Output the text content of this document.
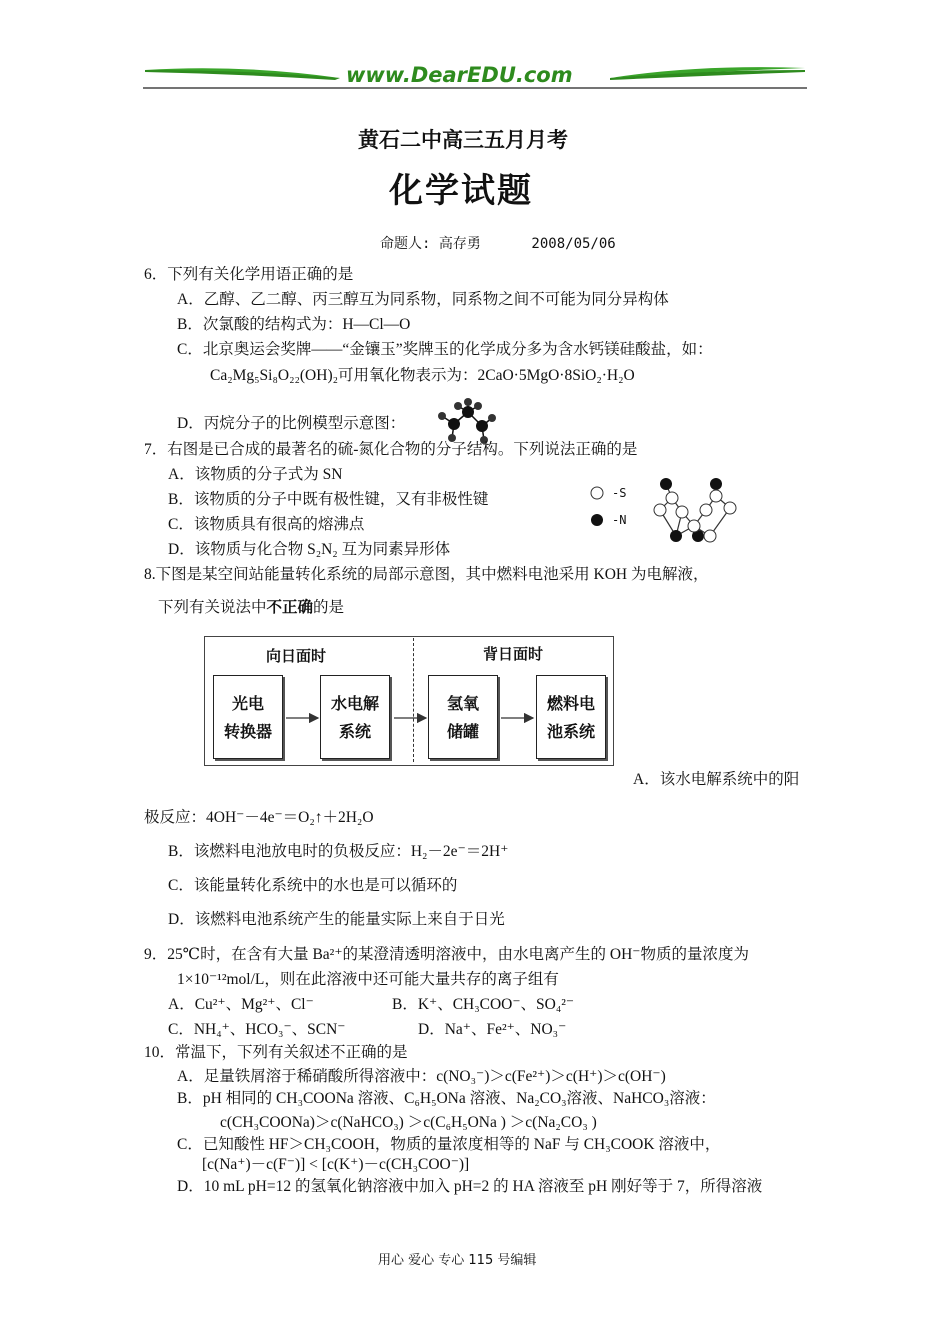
www.DearEDU.com
黄石二中高三五月月考
化学试题
命题人: 高存勇      2008/05/06
6．下列有关化学用语正确的是
A．乙醇、乙二醇、丙三醇互为同系物，同系物之间不可能为同分异构体
B．次氯酸的结构式为：H—Cl—O
C．北京奥运会奖牌——“金镶玉”奖牌玉的化学成分多为含水钙镁硅酸盐，如：
Ca₂Mg₅Si₈O₂₂(OH)₂可用氧化物表示为：2CaO·5MgO·8SiO₂·H₂O
D．丙烷分子的比例模型示意图：
7．右图是已合成的最著名的硫-氮化合物的分子结构。下列说法正确的是
A．该物质的分子式为 SN
B．该物质的分子中既有极性键，又有非极性键
C．该物质具有很高的熔沸点
D．该物质与化合物 S₂N₂ 互为同素异形体
-S
-N
8.下图是某空间站能量转化系统的局部示意图，其中燃料电池采用 KOH 为电解液，
下列有关说法中不正确的是
向日面时	背日面时
光电
转换器
水电解
系统
氢氧
储罐
燃料电
池系统
A．该水电解系统中的阳
极反应：4OH⁻－4e⁻＝O₂↑＋2H₂O
B．该燃料电池放电时的负极反应：H₂－2e⁻＝2H⁺
C．该能量转化系统中的水也是可以循环的
D．该燃料电池系统产生的能量实际上来自于日光
9．25℃时，在含有大量 Ba²⁺的某澄清透明溶液中，由水电离产生的 OH⁻物质的量浓度为
1×10⁻¹²mol/L，则在此溶液中还可能大量共存的离子组有
A．Cu²⁺、Mg²⁺、Cl⁻	B．K⁺、CH₃COO⁻、SO₄²⁻
C．NH₄⁺、HCO₃⁻、SCN⁻	D．Na⁺、Fe²⁺、NO₃⁻
10．常温下，下列有关叙述不正确的是
A．足量铁屑溶于稀硝酸所得溶液中：c(NO₃⁻)＞c(Fe²⁺)＞c(H⁺)＞c(OH⁻)
B．pH 相同的 CH₃COONa 溶液、C₆H₅ONa 溶液、Na₂CO₃溶液、NaHCO₃溶液：
c(CH₃COONa)＞c(NaHCO₃) ＞c(C₆H₅ONa ) ＞c(Na₂CO₃ )
C．已知酸性 HF＞CH₃COOH，物质的量浓度相等的 NaF 与 CH₃COOK 溶液中，
[c(Na⁺)－c(F⁻)] < [c(K⁺)－c(CH₃COO⁻)]
D．10 mL pH=12 的氢氧化钠溶液中加入 pH=2 的 HA 溶液至 pH 刚好等于 7，所得溶液
用心 爱心 专心 115 号编辑
